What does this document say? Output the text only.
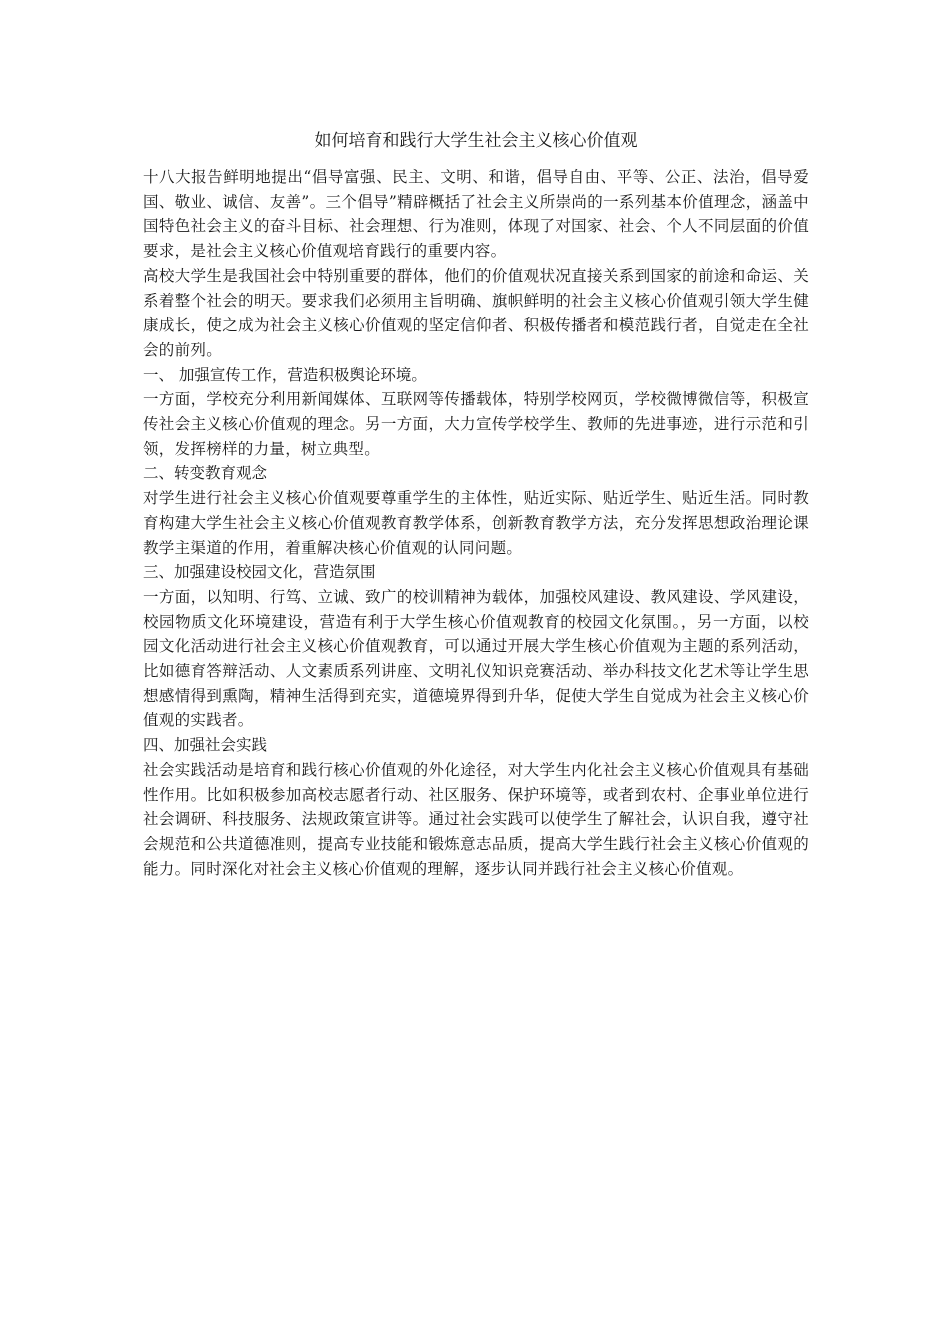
如何培育和践行大学生社会主义核心价值观

十八大报告鲜明地提出“倡导富强、民主、文明、和谐，倡导自由、平等、公正、法治，倡导爱国、敬业、诚信、友善”。三个倡导”精辟概括了社会主义所崇尚的一系列基本价值理念，涵盖中国特色社会主义的奋斗目标、社会理想、行为准则，体现了对国家、社会、个人不同层面的价值要求，是社会主义核心价值观培育践行的重要内容。

高校大学生是我国社会中特别重要的群体，他们的价值观状况直接关系到国家的前途和命运、关系着整个社会的明天。要求我们必须用主旨明确、旗帜鲜明的社会主义核心价值观引领大学生健康成长，使之成为社会主义核心价值观的坚定信仰者、积极传播者和模范践行者，自觉走在全社会的前列。

一、 加强宣传工作，营造积极舆论环境。

一方面，学校充分利用新闻媒体、互联网等传播载体，特别学校网页，学校微博微信等，积极宣传社会主义核心价值观的理念。另一方面，大力宣传学校学生、教师的先进事迹，进行示范和引领，发挥榜样的力量，树立典型。

二、转变教育观念

对学生进行社会主义核心价值观要尊重学生的主体性，贴近实际、贴近学生、贴近生活。同时教育构建大学生社会主义核心价值观教育教学体系，创新教育教学方法，充分发挥思想政治理论课教学主渠道的作用，着重解决核心价值观的认同问题。

三、加强建设校园文化，营造氛围

一方面，以知明、行笃、立诚、致广的校训精神为载体，加强校风建设、教风建设、学风建设，校园物质文化环境建设，营造有利于大学生核心价值观教育的校园文化氛围。，另一方面，以校园文化活动进行社会主义核心价值观教育，可以通过开展大学生核心价值观为主题的系列活动，比如德育答辩活动、人文素质系列讲座、文明礼仪知识竞赛活动、举办科技文化艺术等让学生思想感情得到熏陶，精神生活得到充实，道德境界得到升华，促使大学生自觉成为社会主义核心价值观的实践者。

四、加强社会实践

社会实践活动是培育和践行核心价值观的外化途径，对大学生内化社会主义核心价值观具有基础性作用。比如积极参加高校志愿者行动、社区服务、保护环境等，或者到农村、企事业单位进行社会调研、科技服务、法规政策宣讲等。通过社会实践可以使学生了解社会，认识自我，遵守社会规范和公共道德准则，提高专业技能和锻炼意志品质，提高大学生践行社会主义核心价值观的能力。同时深化对社会主义核心价值观的理解，逐步认同并践行社会主义核心价值观。
